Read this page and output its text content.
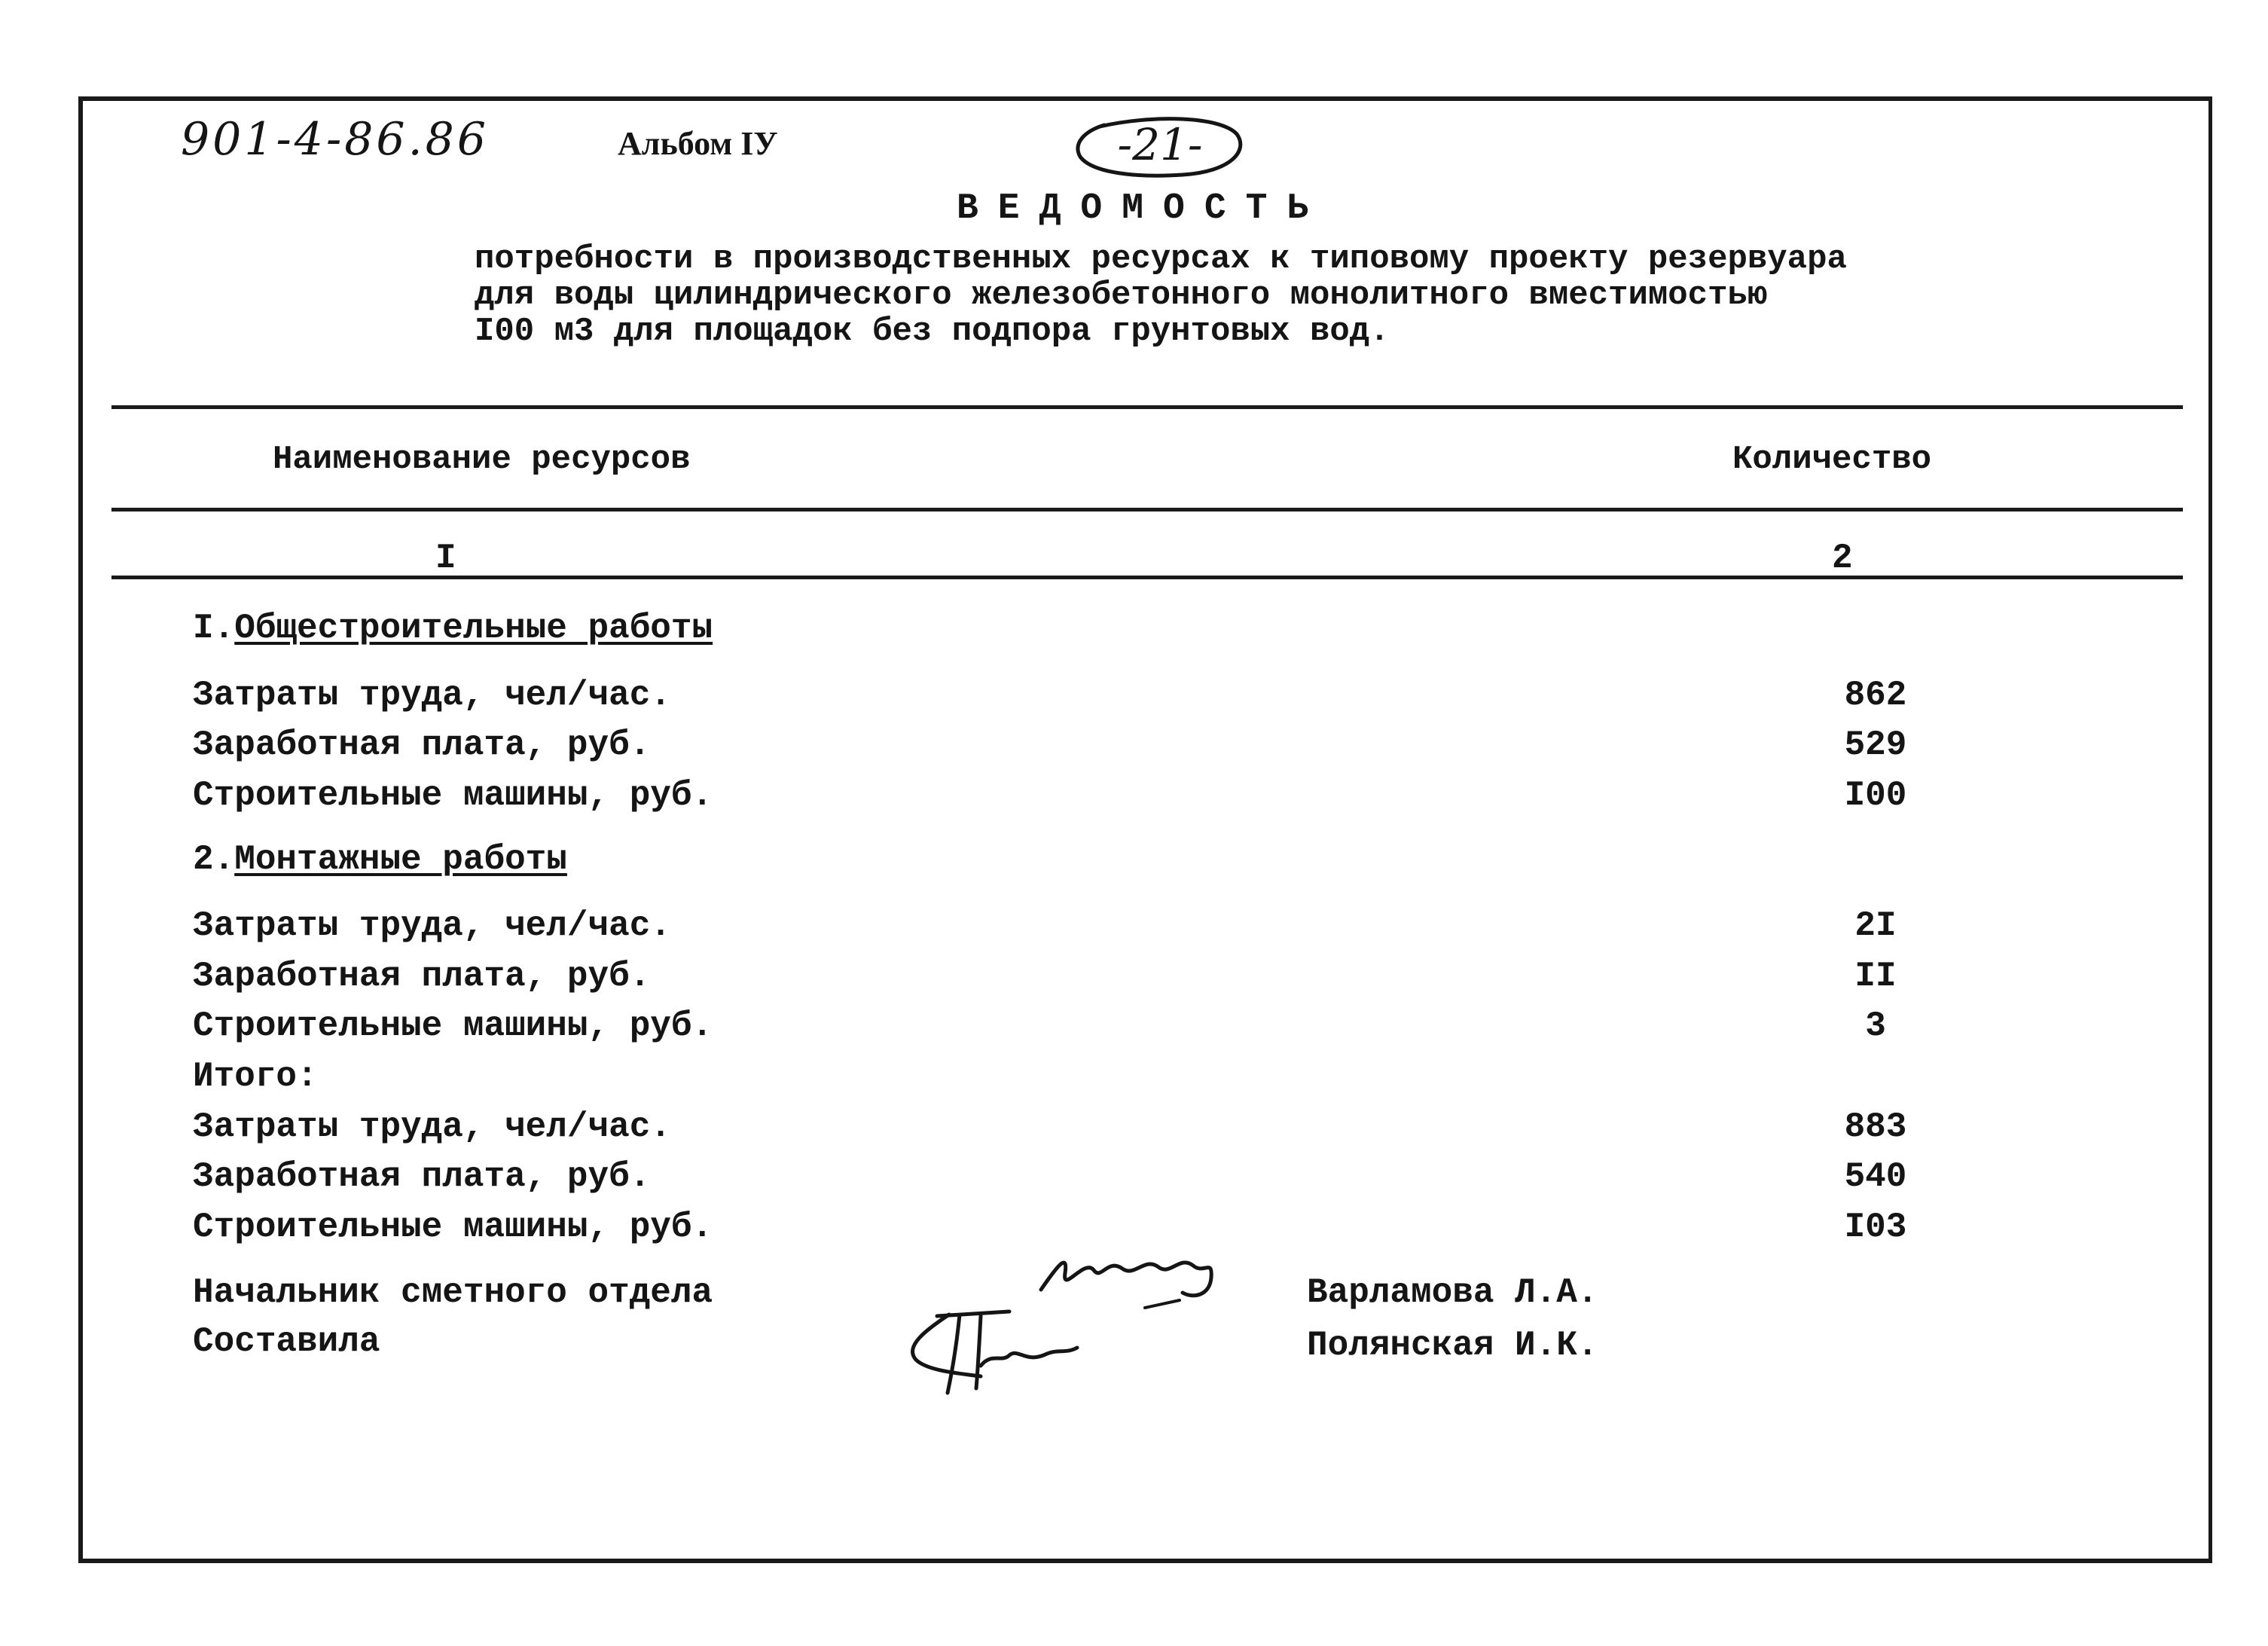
901-4-86.86	Альбом IУ	-21-
ВЕДОМОСТЬ
потребности в производственных ресурсах к типовому проекту резервуара
для воды цилиндрического железобетонного монолитного вместимостью
I00 м3 для площадок без подпора грунтовых вод.
Наименование ресурсов	Количество
I	2
I.Общестроительные работы
Затраты труда, чел/час.	862
Заработная плата, руб.	529
Строительные машины, руб.	I00
2.Монтажные работы
Затраты труда, чел/час.	2I
Заработная плата, руб.	II
Строительные машины, руб.	3
Итого:
Затраты труда, чел/час.	883
Заработная плата, руб.	540
Строительные машины, руб.	I03
Начальник сметного отдела	Варламова Л.А.
Составила	Полянская И.К.
